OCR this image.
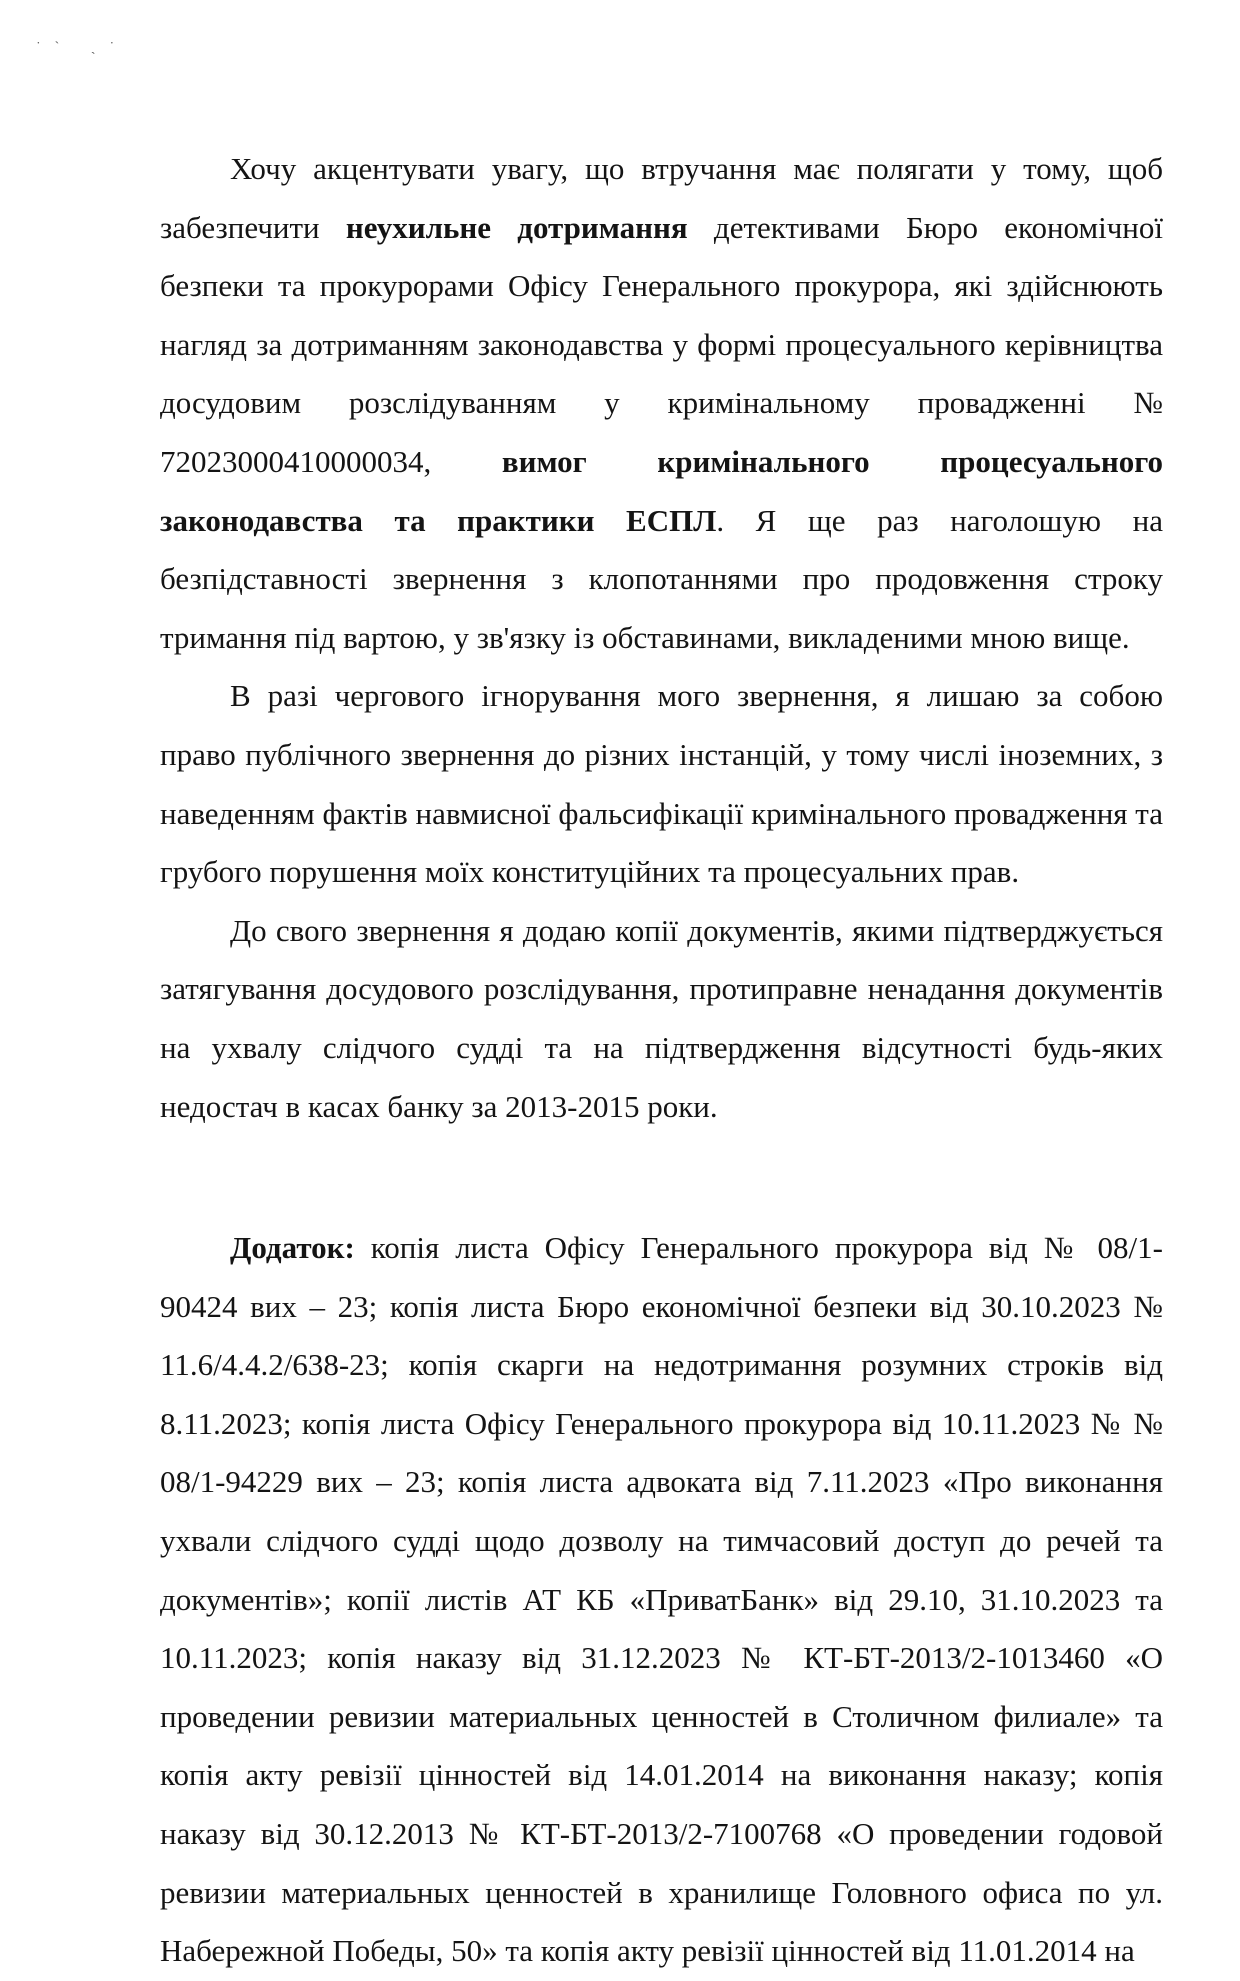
˙ˋ ˏ˙

Хочу акцентувати увагу, що втручання має полягати у тому, щоб забезпечити неухильне дотримання детективами Бюро економічної безпеки та прокурорами Офісу Генерального прокурора, які здійснюють нагляд за дотриманням законодавства у формі процесуального керівництва досудовим розслідуванням у кримінальному провадженні № 72023000410000034, вимог кримінального процесуального законодавства та практики ЕСПЛ. Я ще раз наголошую на безпідставності звернення з клопотаннями про продовження строку тримання під вартою, у зв'язку із обставинами, викладеними мною вище.

В разі чергового ігнорування мого звернення, я лишаю за собою право публічного звернення до різних інстанцій, у тому числі іноземних, з наведенням фактів навмисної фальсифікації кримінального провадження та грубого порушення моїх конституційних та процесуальних прав.

До свого звернення я додаю копії документів, якими підтверджується затягування досудового розслідування, протиправне ненадання документів на ухвалу слідчого судді та на підтвердження відсутності будь-яких недостач в касах банку за 2013-2015 роки.

Додаток: копія листа Офісу Генерального прокурора від № 08/1-90424 вих – 23; копія листа Бюро економічної безпеки від 30.10.2023 № 11.6/4.4.2/638-23; копія скарги на недотримання розумних строків від 8.11.2023; копія листа Офісу Генерального прокурора від 10.11.2023 № № 08/1-94229 вих – 23; копія листа адвоката від 7.11.2023 «Про виконання ухвали слідчого судді щодо дозволу на тимчасовий доступ до речей та документів»; копії листів АТ КБ «ПриватБанк» від 29.10, 31.10.2023 та 10.11.2023; копія наказу від 31.12.2023 № КТ-БТ-2013/2-1013460 «О проведении ревизии материальных ценностей в Столичном филиале» та копія акту ревізії цінностей від 14.01.2014 на виконання наказу; копія наказу від 30.12.2013 № КТ-БТ-2013/2-7100768 «О проведении годовой ревизии материальных ценностей в хранилище Головного офиса по ул. Набережной Победы, 50» та копія акту ревізії цінностей від 11.01.2014 на
